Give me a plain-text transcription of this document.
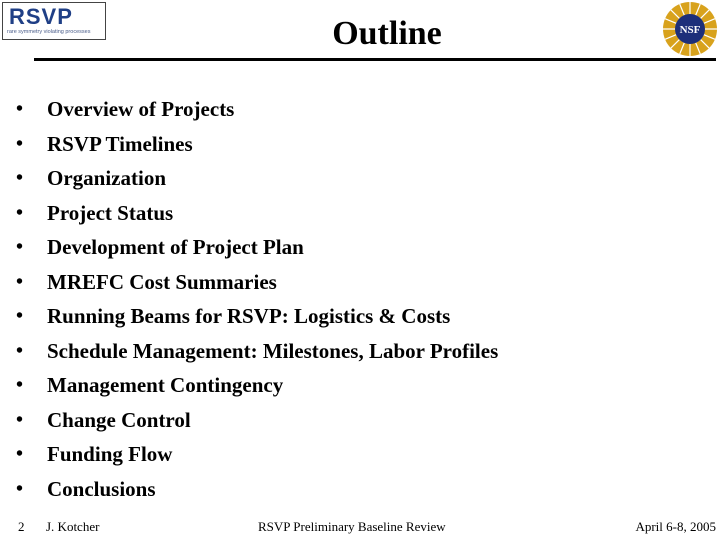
RSVP
rare symmetry violating processes	Outline	NSF
• Overview of Projects
• RSVP Timelines
• Organization
• Project Status
• Development of Project Plan
• MREFC Cost Summaries
• Running Beams for RSVP: Logistics & Costs
• Schedule Management: Milestones, Labor Profiles
• Management Contingency
• Change Control
• Funding Flow
• Conclusions
2 J. Kotcher	RSVP Preliminary Baseline Review	April 6-8, 2005
